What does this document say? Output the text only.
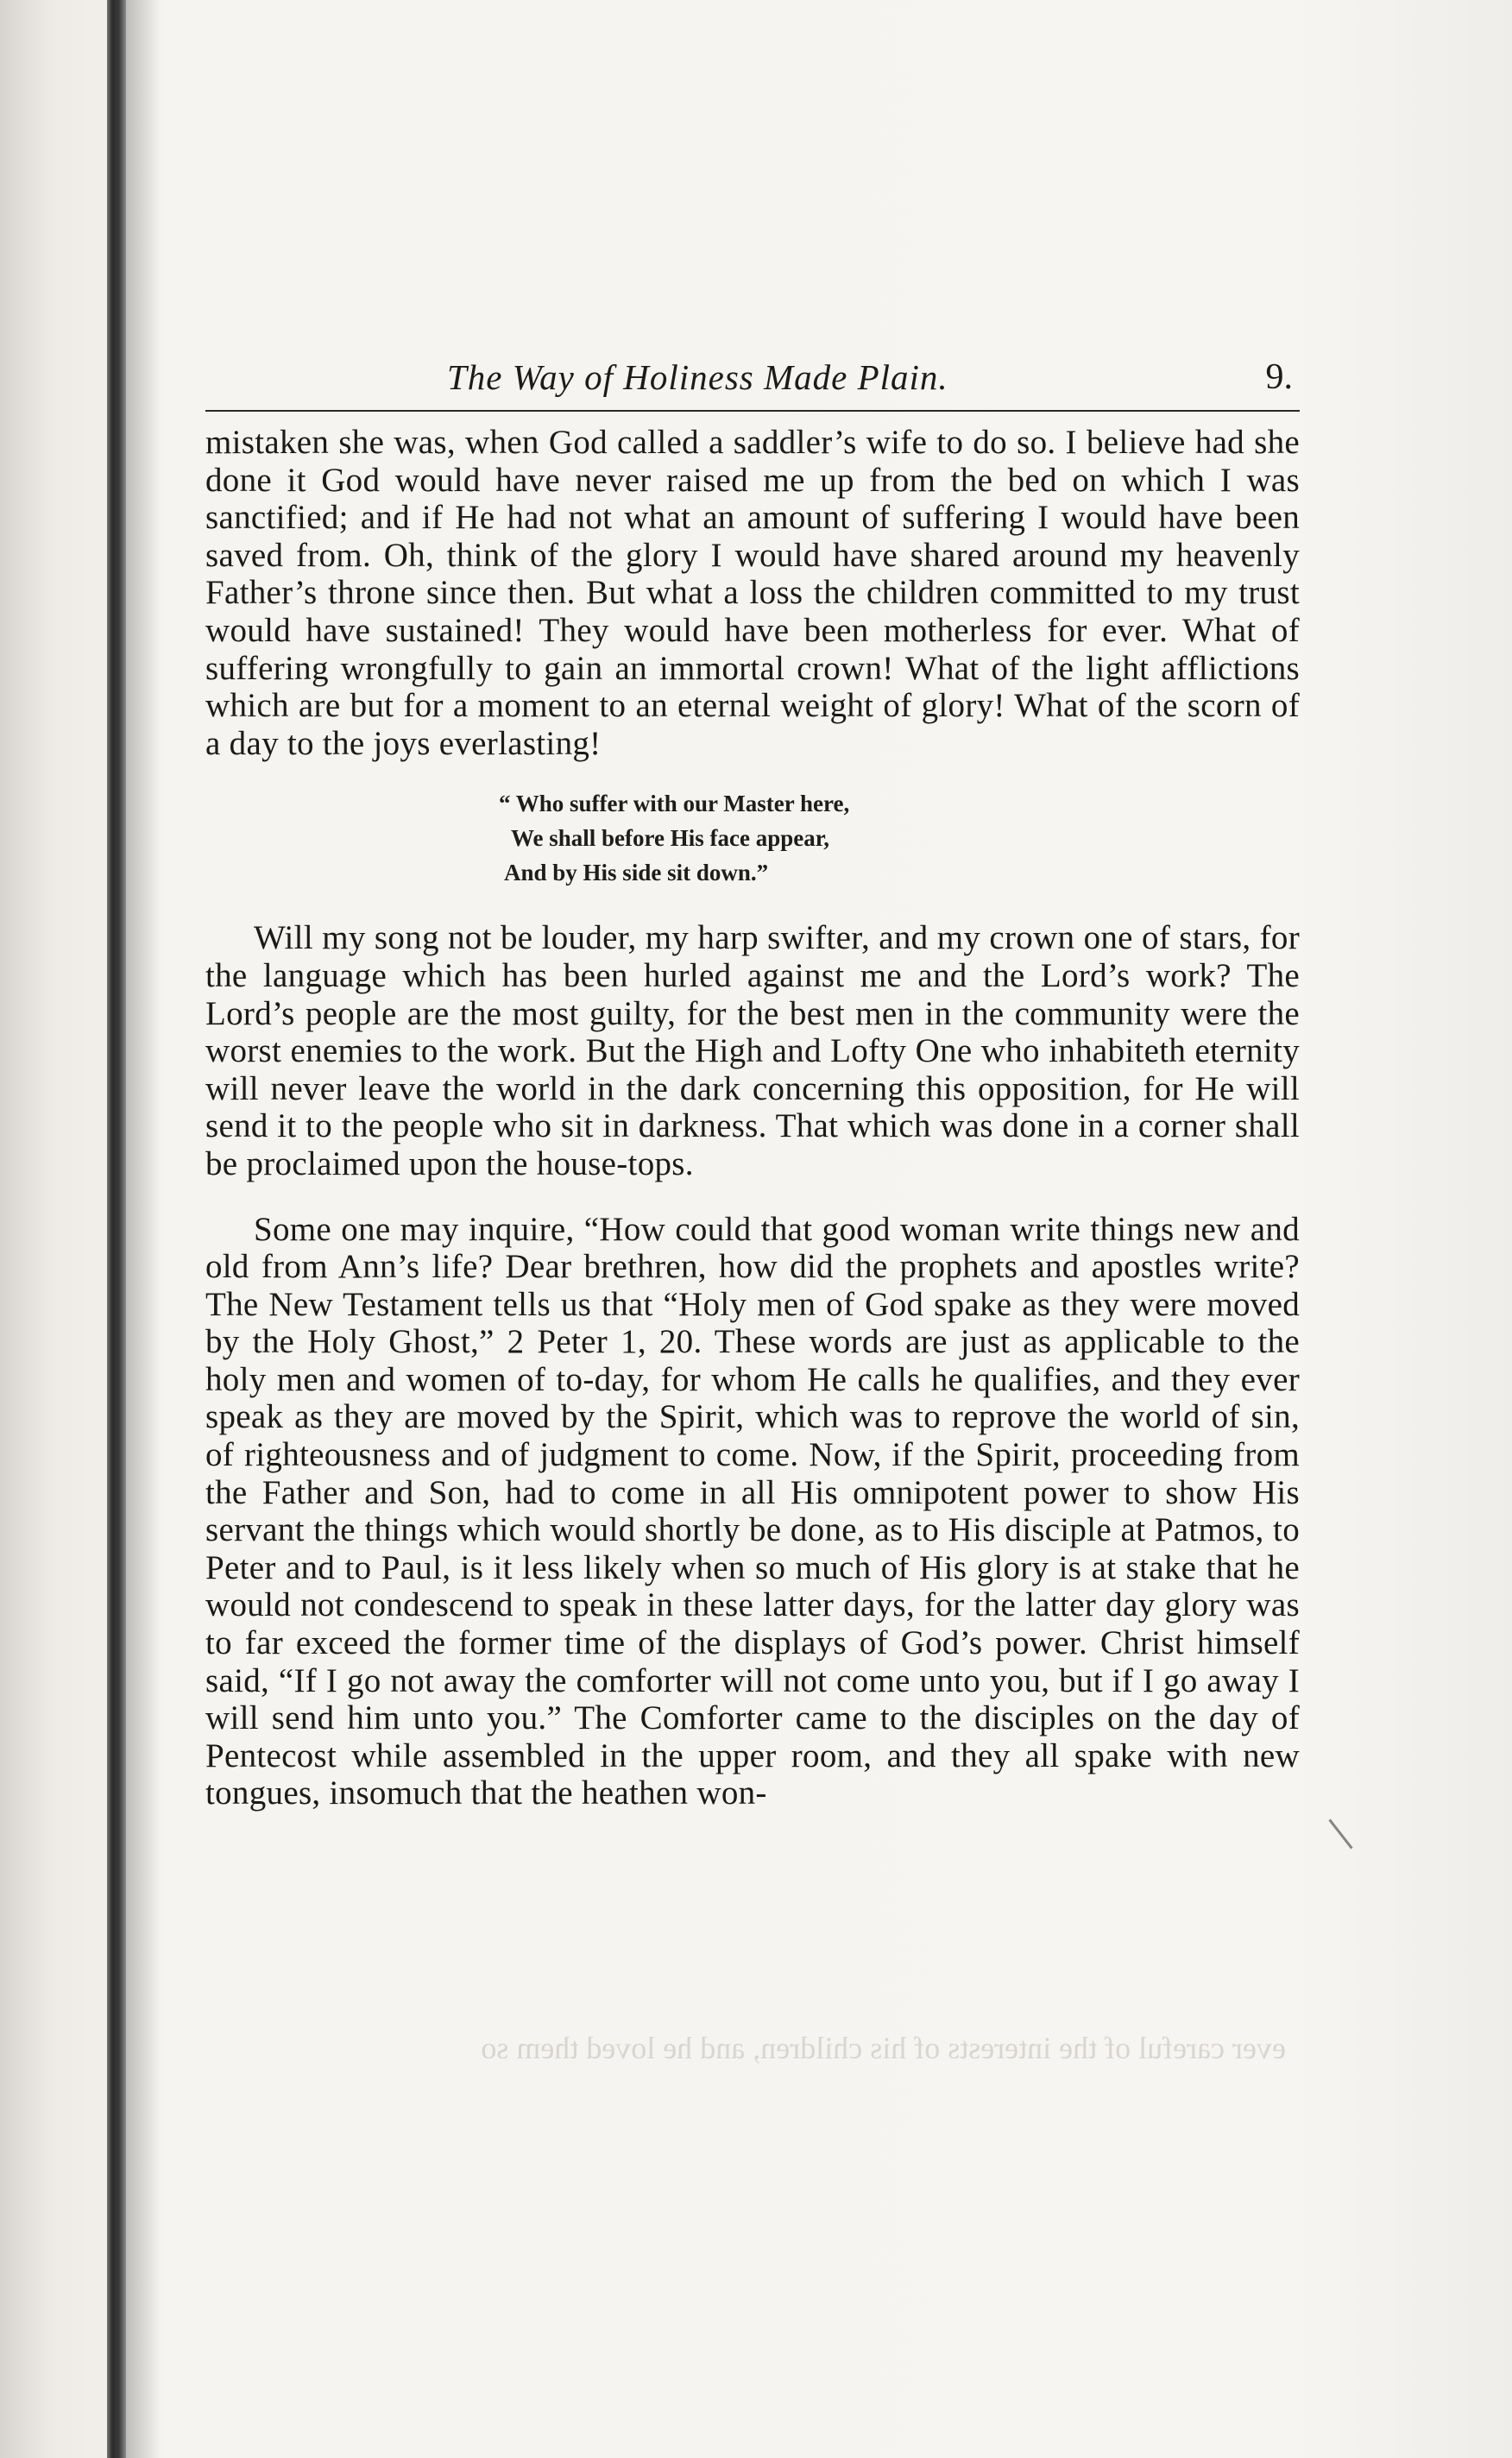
The Way of Holiness Made Plain.	9.

mistaken she was, when God called a saddler’s wife to do so. I believe had she done it God would have never raised me up from the bed on which I was sanctified; and if He had not what an amount of suffering I would have been saved from. Oh, think of the glory I would have shared around my heavenly Father’s throne since then. But what a loss the children committed to my trust would have sustained! They would have been motherless for ever. What of suffering wrongfully to gain an immortal crown! What of the light afflictions which are but for a moment to an eternal weight of glory! What of the scorn of a day to the joys everlasting!

“ Who suffer with our Master here,
We shall before His face appear,
And by His side sit down.”

Will my song not be louder, my harp swifter, and my crown one of stars, for the language which has been hurled against me and the Lord’s work? The Lord’s people are the most guilty, for the best men in the community were the worst enemies to the work. But the High and Lofty One who inhabiteth eternity will never leave the world in the dark concerning this opposition, for He will send it to the people who sit in darkness. That which was done in a corner shall be proclaimed upon the house-tops.

Some one may inquire, “How could that good woman write things new and old from Ann’s life? Dear brethren, how did the prophets and apostles write? The New Testament tells us that “Holy men of God spake as they were moved by the Holy Ghost,” 2 Peter 1, 20. These words are just as applicable to the holy men and women of to-day, for whom He calls he qualifies, and they ever speak as they are moved by the Spirit, which was to reprove the world of sin, of righteousness and of judgment to come. Now, if the Spirit, proceeding from the Father and Son, had to come in all His omnipotent power to show His servant the things which would shortly be done, as to His disciple at Patmos, to Peter and to Paul, is it less likely when so much of His glory is at stake that he would not condescend to speak in these latter days, for the latter day glory was to far exceed the former time of the displays of God’s power. Christ himself said, “If I go not away the comforter will not come unto you, but if I go away I will send him unto you.” The Comforter came to the disciples on the day of Pentecost while assembled in the upper room, and they all spake with new tongues, insomuch that the heathen won-

ever careful of the interests of his children, and he loved them so
